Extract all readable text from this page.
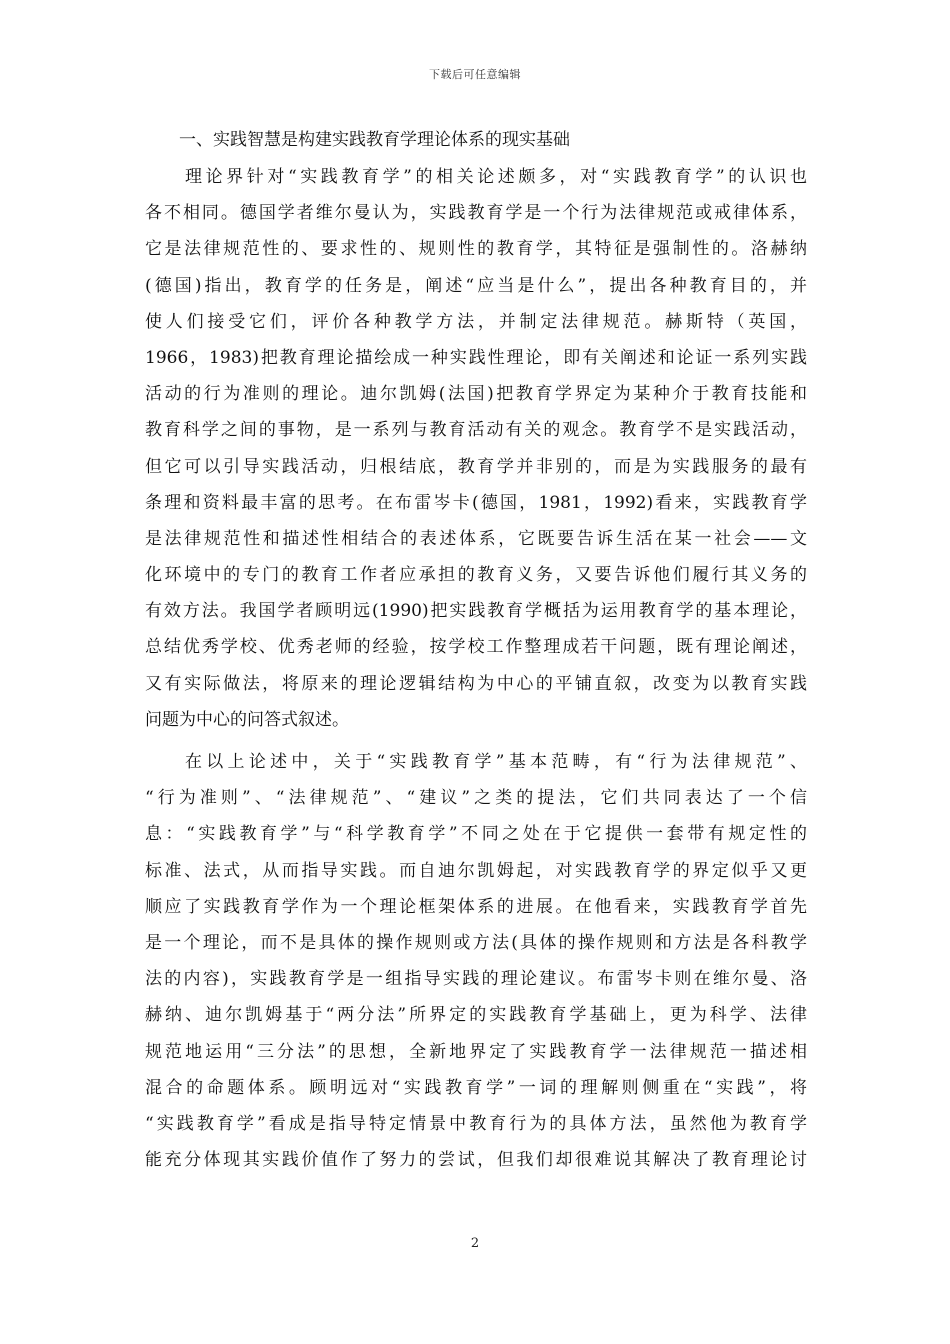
下载后可任意编辑
一、实践智慧是构建实践教育学理论体系的现实基础
理论界针对“实践教育学”的相关论述颇多，对“实践教育学”的认识也
各不相同。德国学者维尔曼认为，实践教育学是一个行为法律规范或戒律体系，
它是法律规范性的、要求性的、规则性的教育学，其特征是强制性的。洛赫纳
(德国)指出，教育学的任务是，阐述“应当是什么”，提出各种教育目的，并
使人们接受它们，评价各种教学方法，并制定法律规范。赫斯特（英国，
1966，1983)把教育理论描绘成一种实践性理论，即有关阐述和论证一系列实践
活动的行为准则的理论。迪尔凯姆(法国)把教育学界定为某种介于教育技能和
教育科学之间的事物，是一系列与教育活动有关的观念。教育学不是实践活动，
但它可以引导实践活动，归根结底，教育学并非别的，而是为实践服务的最有
条理和资料最丰富的思考。在布雷岑卡(德国，1981，1992)看来，实践教育学
是法律规范性和描述性相结合的表述体系，它既要告诉生活在某一社会——文
化环境中的专门的教育工作者应承担的教育义务，又要告诉他们履行其义务的
有效方法。我国学者顾明远(1990)把实践教育学概括为运用教育学的基本理论，
总结优秀学校、优秀老师的经验，按学校工作整理成若干问题，既有理论阐述，
又有实际做法，将原来的理论逻辑结构为中心的平铺直叙，改变为以教育实践
问题为中心的问答式叙述。
在以上论述中，关于“实践教育学”基本范畴，有“行为法律规范”、
“行为准则”、“法律规范”、“建议”之类的提法，它们共同表达了一个信
息：“实践教育学”与“科学教育学”不同之处在于它提供一套带有规定性的
标准、法式，从而指导实践。而自迪尔凯姆起，对实践教育学的界定似乎又更
顺应了实践教育学作为一个理论框架体系的进展。在他看来，实践教育学首先
是一个理论，而不是具体的操作规则或方法(具体的操作规则和方法是各科教学
法的内容)，实践教育学是一组指导实践的理论建议。布雷岑卡则在维尔曼、洛
赫纳、迪尔凯姆基于“两分法”所界定的实践教育学基础上，更为科学、法律
规范地运用“三分法”的思想，全新地界定了实践教育学一法律规范一描述相
混合的命题体系。顾明远对“实践教育学”一词的理解则侧重在“实践”，将
“实践教育学”看成是指导特定情景中教育行为的具体方法，虽然他为教育学
能充分体现其实践价值作了努力的尝试，但我们却很难说其解决了教育理论讨
2
